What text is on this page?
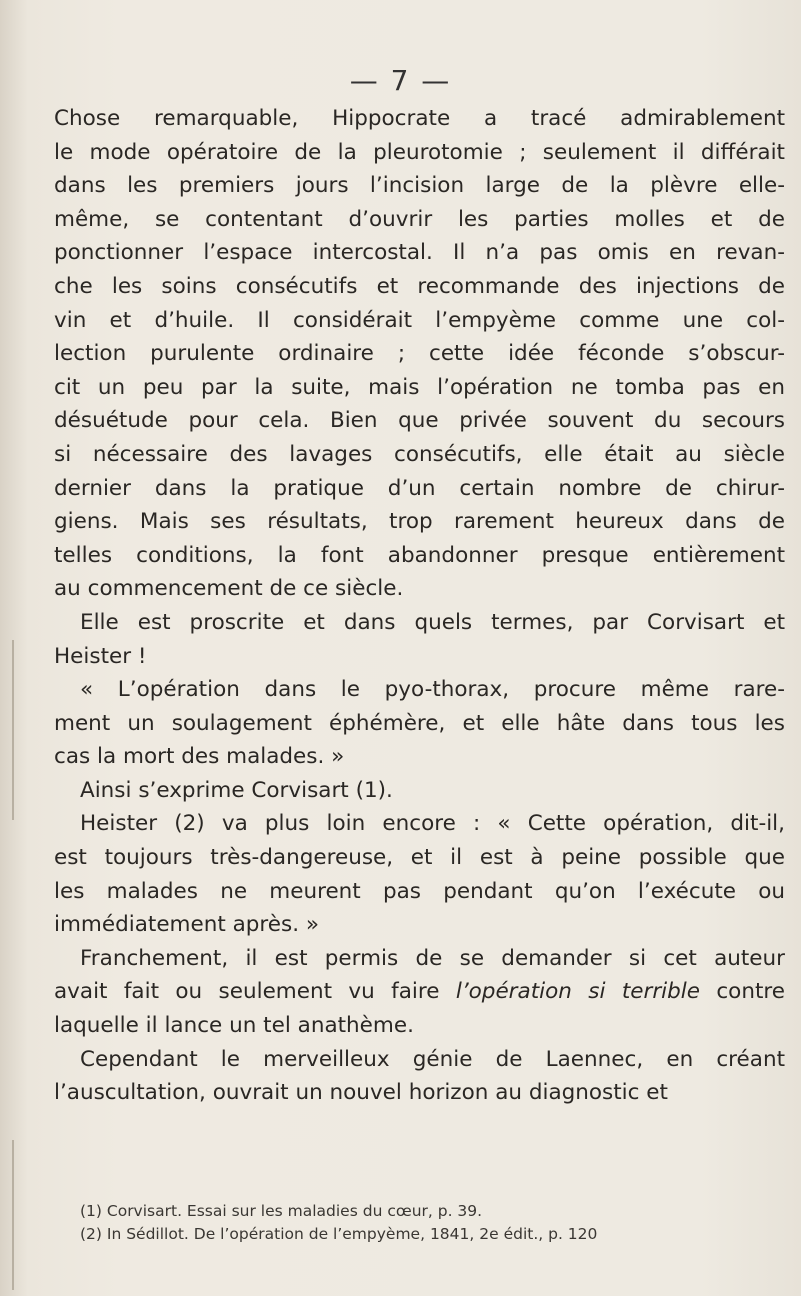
— 7 —
Chose remarquable, Hippocrate a tracé admirablement
le mode opératoire de la pleurotomie ; seulement il différait
dans les premiers jours l’incision large de la plèvre elle-
même, se contentant d’ouvrir les parties molles et de
ponctionner l’espace intercostal. Il n’a pas omis en revan-
che les soins consécutifs et recommande des injections de
vin et d’huile. Il considérait l’empyème comme une col-
lection purulente ordinaire ; cette idée féconde s’obscur-
cit un peu par la suite, mais l’opération ne tomba pas en
désuétude pour cela. Bien que privée souvent du secours
si nécessaire des lavages consécutifs, elle était au siècle
dernier dans la pratique d’un certain nombre de chirur-
giens. Mais ses résultats, trop rarement heureux dans de
telles conditions, la font abandonner presque entièrement
au commencement de ce siècle.
Elle est proscrite et dans quels termes, par Corvisart et
Heister !
« L’opération dans le pyo-thorax, procure même rare-
ment un soulagement éphémère, et elle hâte dans tous les
cas la mort des malades. »
Ainsi s’exprime Corvisart (1).
Heister (2) va plus loin encore : « Cette opération, dit-il,
est toujours très-dangereuse, et il est à peine possible que
les malades ne meurent pas pendant qu’on l’exécute ou
immédiatement après. »
Franchement, il est permis de se demander si cet auteur
avait fait ou seulement vu faire l’opération si terrible contre
laquelle il lance un tel anathème.
Cependant le merveilleux génie de Laennec, en créant
l’auscultation, ouvrait un nouvel horizon au diagnostic et
(1) Corvisart. Essai sur les maladies du cœur, p. 39.
(2) In Sédillot. De l’opération de l’empyème, 1841, 2e édit., p. 120
